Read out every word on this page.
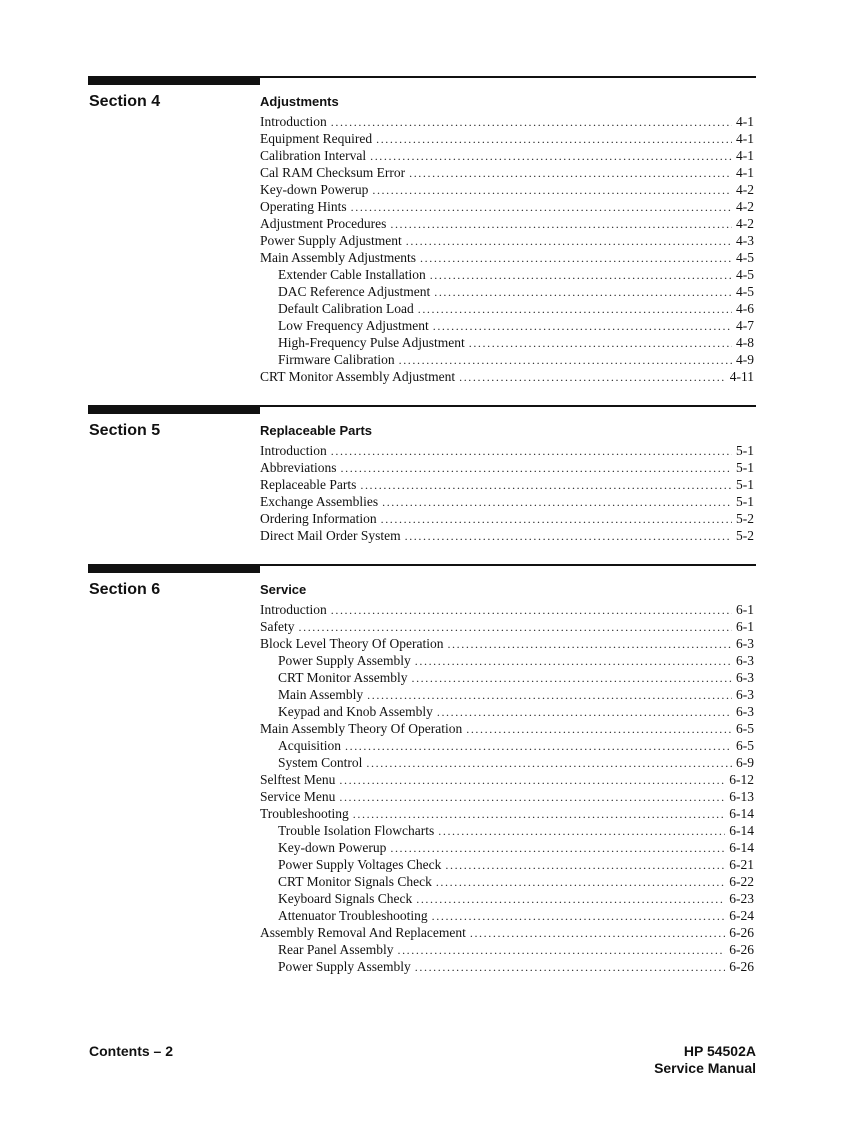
Section 4	Adjustments
Introduction .....	4-1
Equipment Required .....	4-1
Calibration Interval .....	4-1
Cal RAM Checksum Error .....	4-1
Key-down Powerup .....	4-2
Operating Hints .....	4-2
Adjustment Procedures .....	4-2
Power Supply Adjustment .....	4-3
Main Assembly Adjustments .....	4-5
Extender Cable Installation .....	4-5
DAC Reference Adjustment .....	4-5
Default Calibration Load .....	4-6
Low Frequency Adjustment .....	4-7
High-Frequency Pulse Adjustment .....	4-8
Firmware Calibration .....	4-9
CRT Monitor Assembly Adjustment .....	4-11
Section 5	Replaceable Parts
Introduction .....	5-1
Abbreviations .....	5-1
Replaceable Parts .....	5-1
Exchange Assemblies .....	5-1
Ordering Information .....	5-2
Direct Mail Order System .....	5-2
Section 6	Service
Introduction .....	6-1
Safety .....	6-1
Block Level Theory Of Operation .....	6-3
Power Supply Assembly .....	6-3
CRT Monitor Assembly .....	6-3
Main Assembly .....	6-3
Keypad and Knob Assembly .....	6-3
Main Assembly Theory Of Operation .....	6-5
Acquisition .....	6-5
System Control .....	6-9
Selftest Menu .....	6-12
Service Menu .....	6-13
Troubleshooting .....	6-14
Trouble Isolation Flowcharts .....	6-14
Key-down Powerup .....	6-14
Power Supply Voltages Check .....	6-21
CRT Monitor Signals Check .....	6-22
Keyboard Signals Check .....	6-23
Attenuator Troubleshooting .....	6-24
Assembly Removal And Replacement .....	6-26
Rear Panel Assembly .....	6-26
Power Supply Assembly .....	6-26
Contents – 2	HP 54502A
Service Manual
